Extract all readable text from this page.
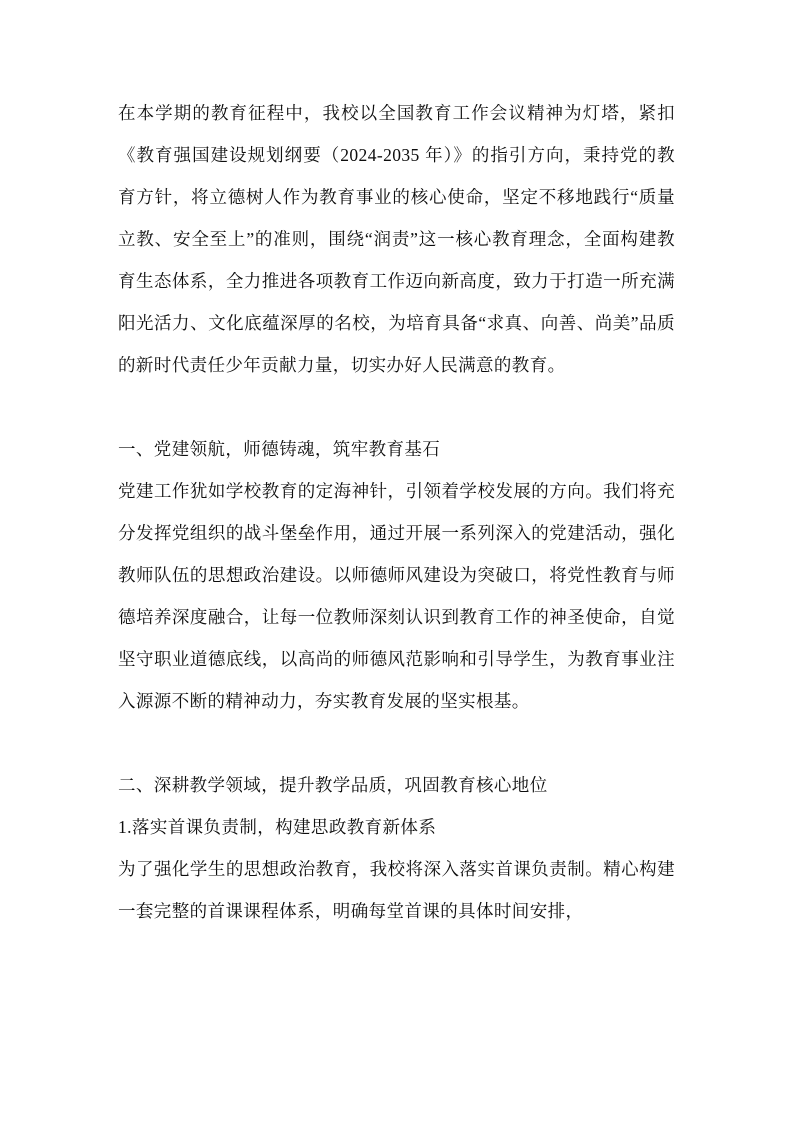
在本学期的教育征程中，我校以全国教育工作会议精神为灯塔，紧扣《教育强国建设规划纲要（2024-2035 年）》的指引方向，秉持党的教育方针，将立德树人作为教育事业的核心使命，坚定不移地践行“质量立教、安全至上”的准则，围绕“润责”这一核心教育理念，全面构建教育生态体系，全力推进各项教育工作迈向新高度，致力于打造一所充满阳光活力、文化底蕴深厚的名校，为培育具备“求真、向善、尚美”品质的新时代责任少年贡献力量，切实办好人民满意的教育。

一、党建领航，师德铸魂，筑牢教育基石

党建工作犹如学校教育的定海神针，引领着学校发展的方向。我们将充分发挥党组织的战斗堡垒作用，通过开展一系列深入的党建活动，强化教师队伍的思想政治建设。以师德师风建设为突破口，将党性教育与师德培养深度融合，让每一位教师深刻认识到教育工作的神圣使命，自觉坚守职业道德底线，以高尚的师德风范影响和引导学生，为教育事业注入源源不断的精神动力，夯实教育发展的坚实根基。

二、深耕教学领域，提升教学品质，巩固教育核心地位

1.落实首课负责制，构建思政教育新体系

为了强化学生的思想政治教育，我校将深入落实首课负责制。精心构建一套完整的首课课程体系，明确每堂首课的具体时间安排，
